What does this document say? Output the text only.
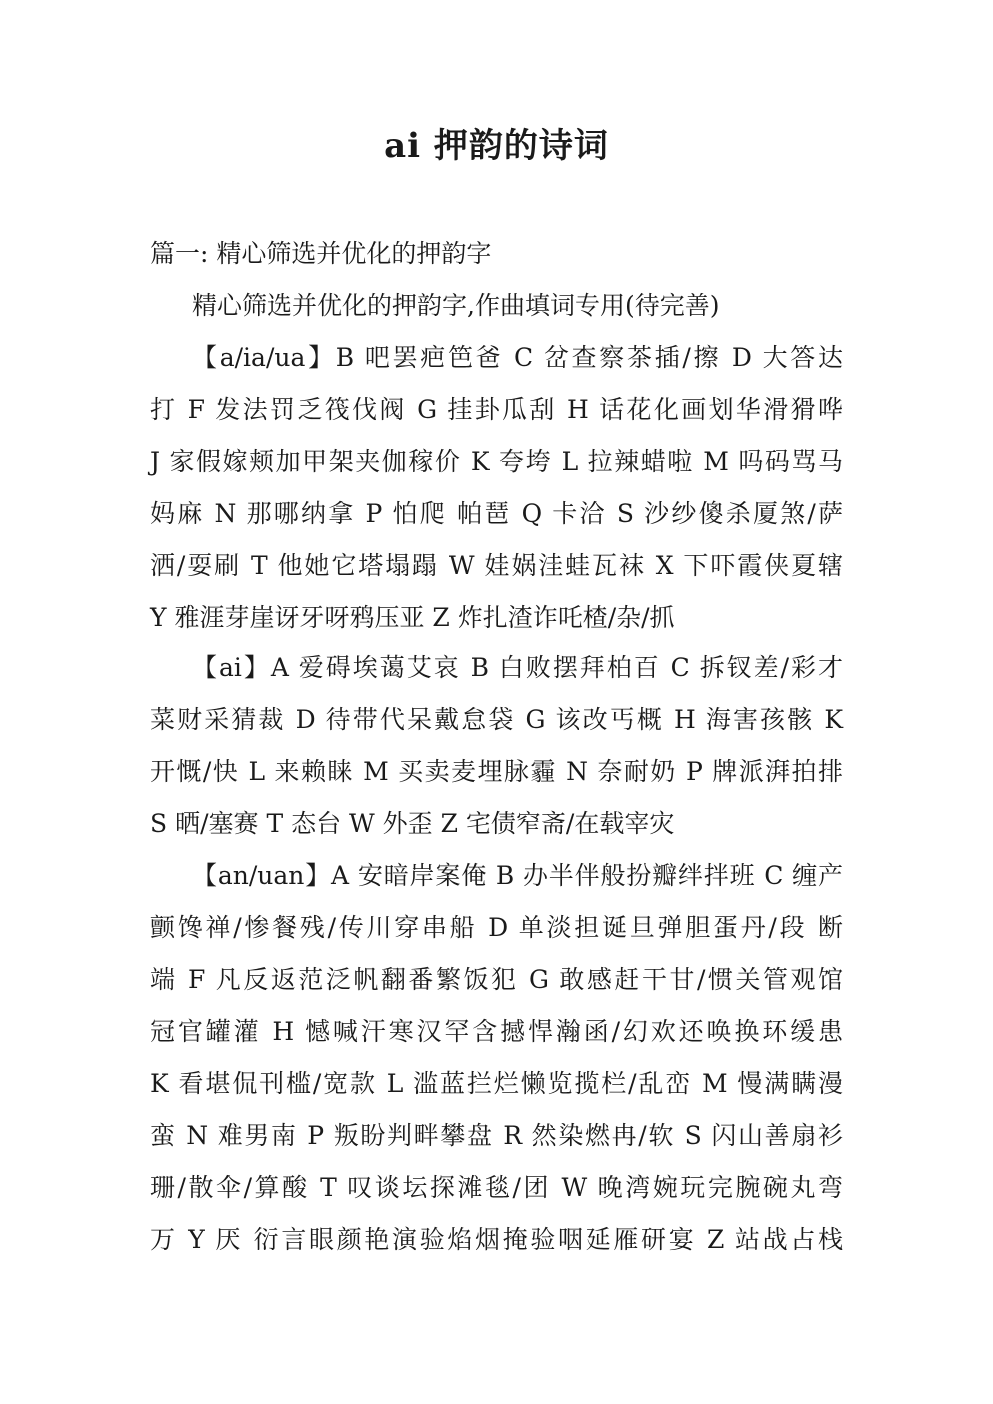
ai 押韵的诗词
篇一: 精心筛选并优化的押韵字

精心筛选并优化的押韵字,作曲填词专用(待完善)

【a/ia/ua】B 吧罢疤笆爸 C 岔查察茶插/擦 D 大答达
打 F 发法罚乏筏伐阀 G 挂卦瓜刮 H 话花化画划华滑猾哗
J 家假嫁颊加甲架夹伽稼价 K 夸垮 L 拉辣蜡啦 M 吗码骂马
妈麻 N 那哪纳拿 P 怕爬 帕琶 Q 卡洽 S 沙纱傻杀厦煞/萨
洒/耍刷 T 他她它塔塌蹋 W 娃娲洼蛙瓦袜 X 下吓霞侠夏辖
Y 雅涯芽崖讶牙呀鸦压亚 Z 炸扎渣诈吒楂/杂/抓
【ai】A 爱碍埃蔼艾哀 B 白败摆拜柏百 C 拆钗差/彩才
菜财采猜裁 D 待带代呆戴怠袋 G 该改丐概 H 海害孩骸 K
开慨/快 L 来赖睐 M 买卖麦埋脉霾 N 奈耐奶 P 牌派湃拍排
S 晒/塞赛 T 态台 W 外歪 Z 宅债窄斋/在载宰灾
【an/uan】A 安暗岸案俺 B 办半伴般扮瓣绊拌班 C 缠产
颤馋禅/惨餐残/传川穿串船 D 单淡担诞旦弹胆蛋丹/段 断
端 F 凡反返范泛帆翻番繁饭犯 G 敢感赶干甘/惯关管观馆
冠官罐灌 H 憾喊汗寒汉罕含撼悍瀚函/幻欢还唤换环缓患
K 看堪侃刊槛/宽款 L 滥蓝拦烂懒览揽栏/乱峦 M 慢满瞒漫
蛮 N 难男南 P 叛盼判畔攀盘 R 然染燃冉/软 S 闪山善扇衫
珊/散伞/算酸 T 叹谈坛探滩毯/团 W 晚湾婉玩完腕碗丸弯
万 Y 厌 衍言眼颜艳演验焰烟掩验咽延雁研宴 Z 站战占栈
